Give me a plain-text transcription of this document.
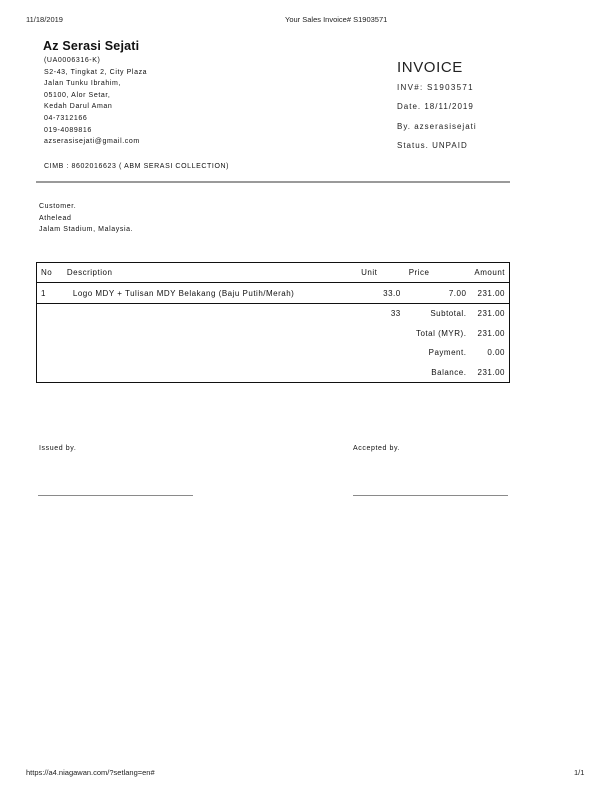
11/18/2019	Your Sales Invoice# S1903571
Az Serasi Sejati
(UA0006316-K)
S2-43, Tingkat 2, City Plaza
Jalan Tunku Ibrahim,
05100, Alor Setar,
Kedah Darul Aman
04-7312166
019-4089816
azserasisejati@gmail.com
CIMB : 8602016623 ( ABM SERASI COLLECTION)
INVOICE
INV#: S1903571
Date. 18/11/2019
By. azserasisejati
Status. UNPAID
Customer.
Athelead
Jalam Stadium, Malaysia.
No	Description	Unit	Price	Amount
1	Logo MDY + Tulisan MDY Belakang (Baju Putih/Merah)	33.0	7.00	231.00
		33	Subtotal.	231.00
			Total (MYR).	231.00
			Payment.	0.00
			Balance.	231.00
Issued by.	Accepted by.
https://a4.niagawan.com/?setlang=en#	1/1
